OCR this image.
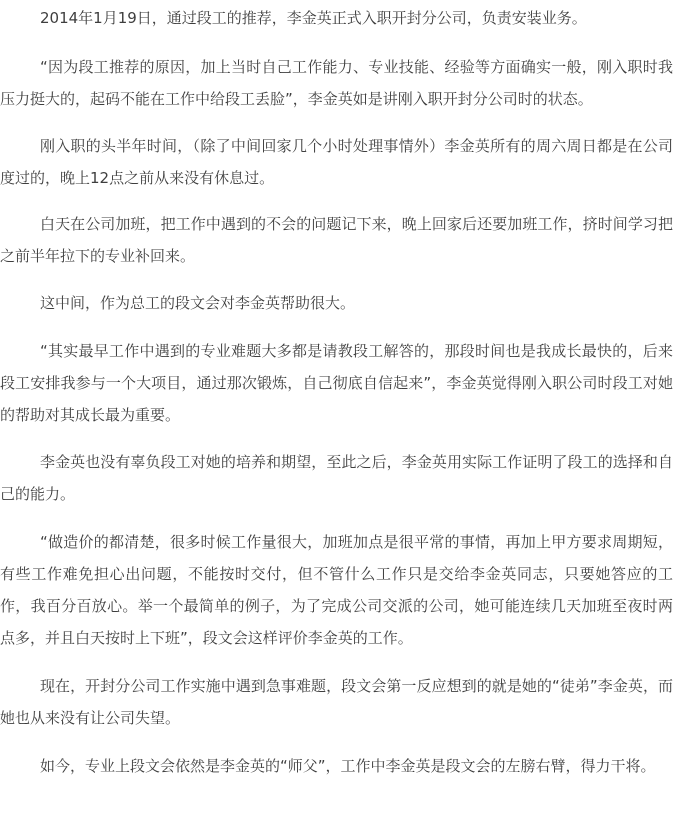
2014年1月19日，通过段工的推荐，李金英正式入职开封分公司，负责安装业务。

“因为段工推荐的原因，加上当时自己工作能力、专业技能、经验等方面确实一般，刚入职时我压力挺大的，起码不能在工作中给段工丢脸”，李金英如是讲刚入职开封分公司时的状态。

刚入职的头半年时间，（除了中间回家几个小时处理事情外）李金英所有的周六周日都是在公司度过的，晚上12点之前从来没有休息过。

白天在公司加班，把工作中遇到的不会的问题记下来，晚上回家后还要加班工作，挤时间学习把之前半年拉下的专业补回来。

这中间，作为总工的段文会对李金英帮助很大。

“其实最早工作中遇到的专业难题大多都是请教段工解答的，那段时间也是我成长最快的，后来段工安排我参与一个大项目，通过那次锻炼，自己彻底自信起来”，李金英觉得刚入职公司时段工对她的帮助对其成长最为重要。

李金英也没有辜负段工对她的培养和期望，至此之后，李金英用实际工作证明了段工的选择和自己的能力。

“做造价的都清楚，很多时候工作量很大，加班加点是很平常的事情，再加上甲方要求周期短，有些工作难免担心出问题，不能按时交付，但不管什么工作只是交给李金英同志，只要她答应的工作，我百分百放心。举一个最简单的例子，为了完成公司交派的公司，她可能连续几天加班至夜时两点多，并且白天按时上下班”，段文会这样评价李金英的工作。

现在，开封分公司工作实施中遇到急事难题，段文会第一反应想到的就是她的“徒弟”李金英，而她也从来没有让公司失望。

如今，专业上段文会依然是李金英的“师父”，工作中李金英是段文会的左膀右臂，得力干将。
